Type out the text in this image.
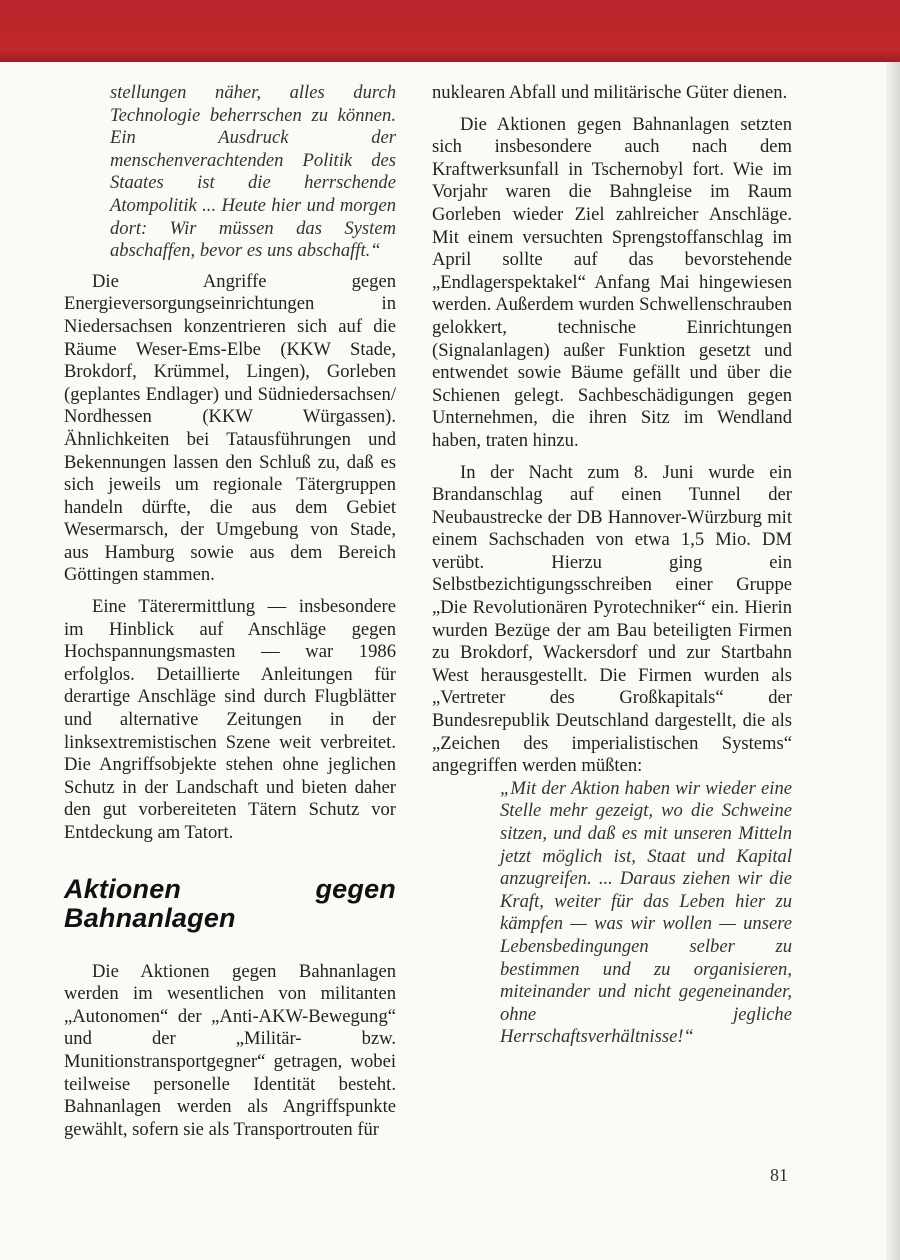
stellungen näher, alles durch Technologie beherrschen zu können. Ein Ausdruck der menschenverachtenden Politik des Staates ist die herrschende Atompolitik ... Heute hier und morgen dort: Wir müssen das System abschaffen, bevor es uns abschafft.“

Die Angriffe gegen Energieversorgungseinrichtungen in Niedersachsen konzentrieren sich auf die Räume Weser-Ems-Elbe (KKW Stade, Brokdorf, Krümmel, Lingen), Gorleben (geplantes Endlager) und Südniedersachsen/ Nordhessen (KKW Würgassen). Ähnlichkeiten bei Tatausführungen und Bekennungen lassen den Schluß zu, daß es sich jeweils um regionale Tätergruppen handeln dürfte, die aus dem Gebiet Wesermarsch, der Umgebung von Stade, aus Hamburg sowie aus dem Bereich Göttingen stammen.

Eine Täterermittlung — insbesondere im Hinblick auf Anschläge gegen Hochspannungsmasten — war 1986 erfolglos. Detaillierte Anleitungen für derartige Anschläge sind durch Flugblätter und alternative Zeitungen in der linksextremistischen Szene weit verbreitet. Die Angriffsobjekte stehen ohne jeglichen Schutz in der Landschaft und bieten daher den gut vorbereiteten Tätern Schutz vor Entdeckung am Tatort.

Aktionen gegen Bahnanlagen

Die Aktionen gegen Bahnanlagen werden im wesentlichen von militanten „Autonomen“ der „Anti-AKW-Bewegung“ und der „Militär- bzw. Munitionstransportgegner“ getragen, wobei teilweise personelle Identität besteht. Bahnanlagen werden als Angriffspunkte gewählt, sofern sie als Transportrouten für

nuklearen Abfall und militärische Güter dienen.

Die Aktionen gegen Bahnanlagen setzten sich insbesondere auch nach dem Kraftwerksunfall in Tschernobyl fort. Wie im Vorjahr waren die Bahngleise im Raum Gorleben wieder Ziel zahlreicher Anschläge. Mit einem versuchten Sprengstoffanschlag im April sollte auf das bevorstehende „Endlagerspektakel“ Anfang Mai hingewiesen werden. Außerdem wurden Schwellenschrauben gelokkert, technische Einrichtungen (Signalanlagen) außer Funktion gesetzt und entwendet sowie Bäume gefällt und über die Schienen gelegt. Sachbeschädigungen gegen Unternehmen, die ihren Sitz im Wendland haben, traten hinzu.

In der Nacht zum 8. Juni wurde ein Brandanschlag auf einen Tunnel der Neubaustrecke der DB Hannover-Würzburg mit einem Sachschaden von etwa 1,5 Mio. DM verübt. Hierzu ging ein Selbstbezichtigungsschreiben einer Gruppe „Die Revolutionären Pyrotechniker“ ein. Hierin wurden Bezüge der am Bau beteiligten Firmen zu Brokdorf, Wackersdorf und zur Startbahn West herausgestellt. Die Firmen wurden als „Vertreter des Großkapitals“ der Bundesrepublik Deutschland dargestellt, die als „Zeichen des imperialistischen Systems“ angegriffen werden müßten:

„Mit der Aktion haben wir wieder eine Stelle mehr gezeigt, wo die Schweine sitzen, und daß es mit unseren Mitteln jetzt möglich ist, Staat und Kapital anzugreifen. ... Daraus ziehen wir die Kraft, weiter für das Leben hier zu kämpfen — was wir wollen — unsere Lebensbedingungen selber zu bestimmen und zu organisieren, miteinander und nicht gegeneinander, ohne jegliche Herrschaftsverhältnisse!“

81
